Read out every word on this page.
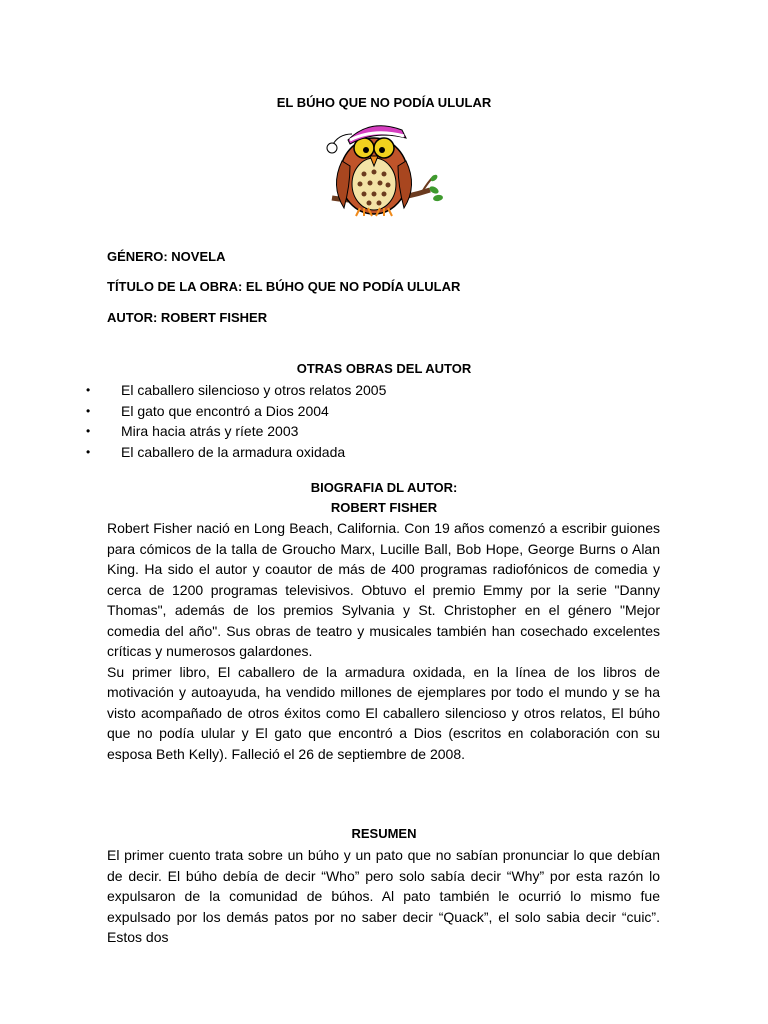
EL BÚHO QUE NO PODÍA ULULAR
GÉNERO: NOVELA
TÍTULO DE LA OBRA: EL BÚHO QUE NO PODÍA ULULAR
AUTOR: ROBERT FISHER
OTRAS OBRAS DEL AUTOR
• El caballero silencioso y otros relatos 2005
• El gato que encontró a Dios 2004
• Mira hacia atrás y ríete 2003
• El caballero de la armadura oxidada
BIOGRAFIA DL AUTOR:
ROBERT FISHER

Robert Fisher nació en Long Beach, California. Con 19 años comenzó a escribir guiones para cómicos de la talla de Groucho Marx, Lucille Ball, Bob Hope, George Burns o Alan King. Ha sido el autor y coautor de más de 400 programas radiofónicos de comedia y cerca de 1200 programas televisivos. Obtuvo el premio Emmy por la serie "Danny Thomas", además de los premios Sylvania y St. Christopher en el género "Mejor comedia del año". Sus obras de teatro y musicales también han cosechado excelentes críticas y numerosos galardones.

Su primer libro, El caballero de la armadura oxidada, en la línea de los libros de motivación y autoayuda, ha vendido millones de ejemplares por todo el mundo y se ha visto acompañado de otros éxitos como El caballero silencioso y otros relatos, El búho que no podía ulular y El gato que encontró a Dios (escritos en colaboración con su esposa Beth Kelly). Falleció el 26 de septiembre de 2008.

RESUMEN

El primer cuento trata sobre un búho y un pato que no sabían pronunciar lo que debían de decir. El búho debía de decir “Who” pero solo sabía decir “Why” por esta razón lo expulsaron de la comunidad de búhos. Al pato también le ocurrió lo mismo fue expulsado por los demás patos por no saber decir “Quack”, el solo sabia decir “cuic”. Estos dos
